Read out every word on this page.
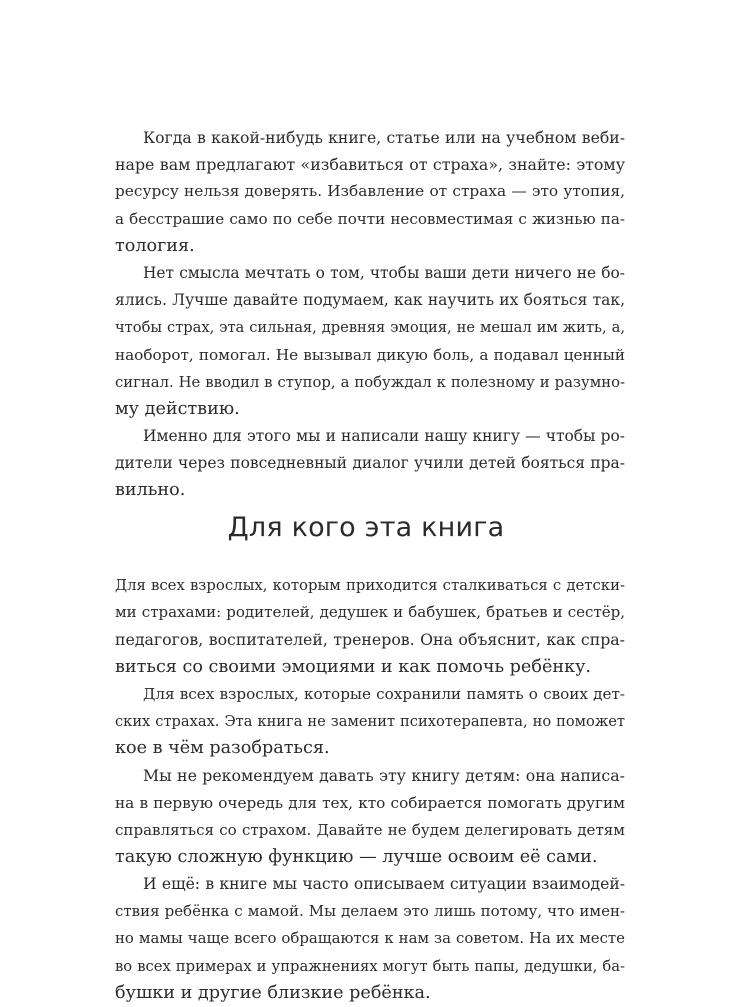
Когда в какой-нибудь книге, статье или на учебном веби-
наре вам предлагают «избавиться от страха», знайте: этому
ресурсу нельзя доверять. Избавление от страха — это утопия,
а бесстрашие само по себе почти несовместимая с жизнью па-
тология.
Нет смысла мечтать о том, чтобы ваши дети ничего не бо-
ялись. Лучше давайте подумаем, как научить их бояться так,
чтобы страх, эта сильная, древняя эмоция, не мешал им жить, а,
наоборот, помогал. Не вызывал дикую боль, а подавал ценный
сигнал. Не вводил в ступор, а побуждал к полезному и разумно-
му действию.
Именно для этого мы и написали нашу книгу — чтобы ро-
дители через повседневный диалог учили детей бояться пра-
вильно.
Для кого эта книга
Для всех взрослых, которым приходится сталкиваться с детски-
ми страхами: родителей, дедушек и бабушек, братьев и сестёр,
педагогов, воспитателей, тренеров. Она объяснит, как спра-
виться со своими эмоциями и как помочь ребёнку.
Для всех взрослых, которые сохранили память о своих дет-
ских страхах. Эта книга не заменит психотерапевта, но поможет
кое в чём разобраться.
Мы не рекомендуем давать эту книгу детям: она написа-
на в первую очередь для тех, кто собирается помогать другим
справляться со страхом. Давайте не будем делегировать детям
такую сложную функцию — лучше освоим её сами.
И ещё: в книге мы часто описываем ситуации взаимодей-
ствия ребёнка с мамой. Мы делаем это лишь потому, что имен-
но мамы чаще всего обращаются к нам за советом. На их месте
во всех примерах и упражнениях могут быть папы, дедушки, ба-
бушки и другие близкие ребёнка.
